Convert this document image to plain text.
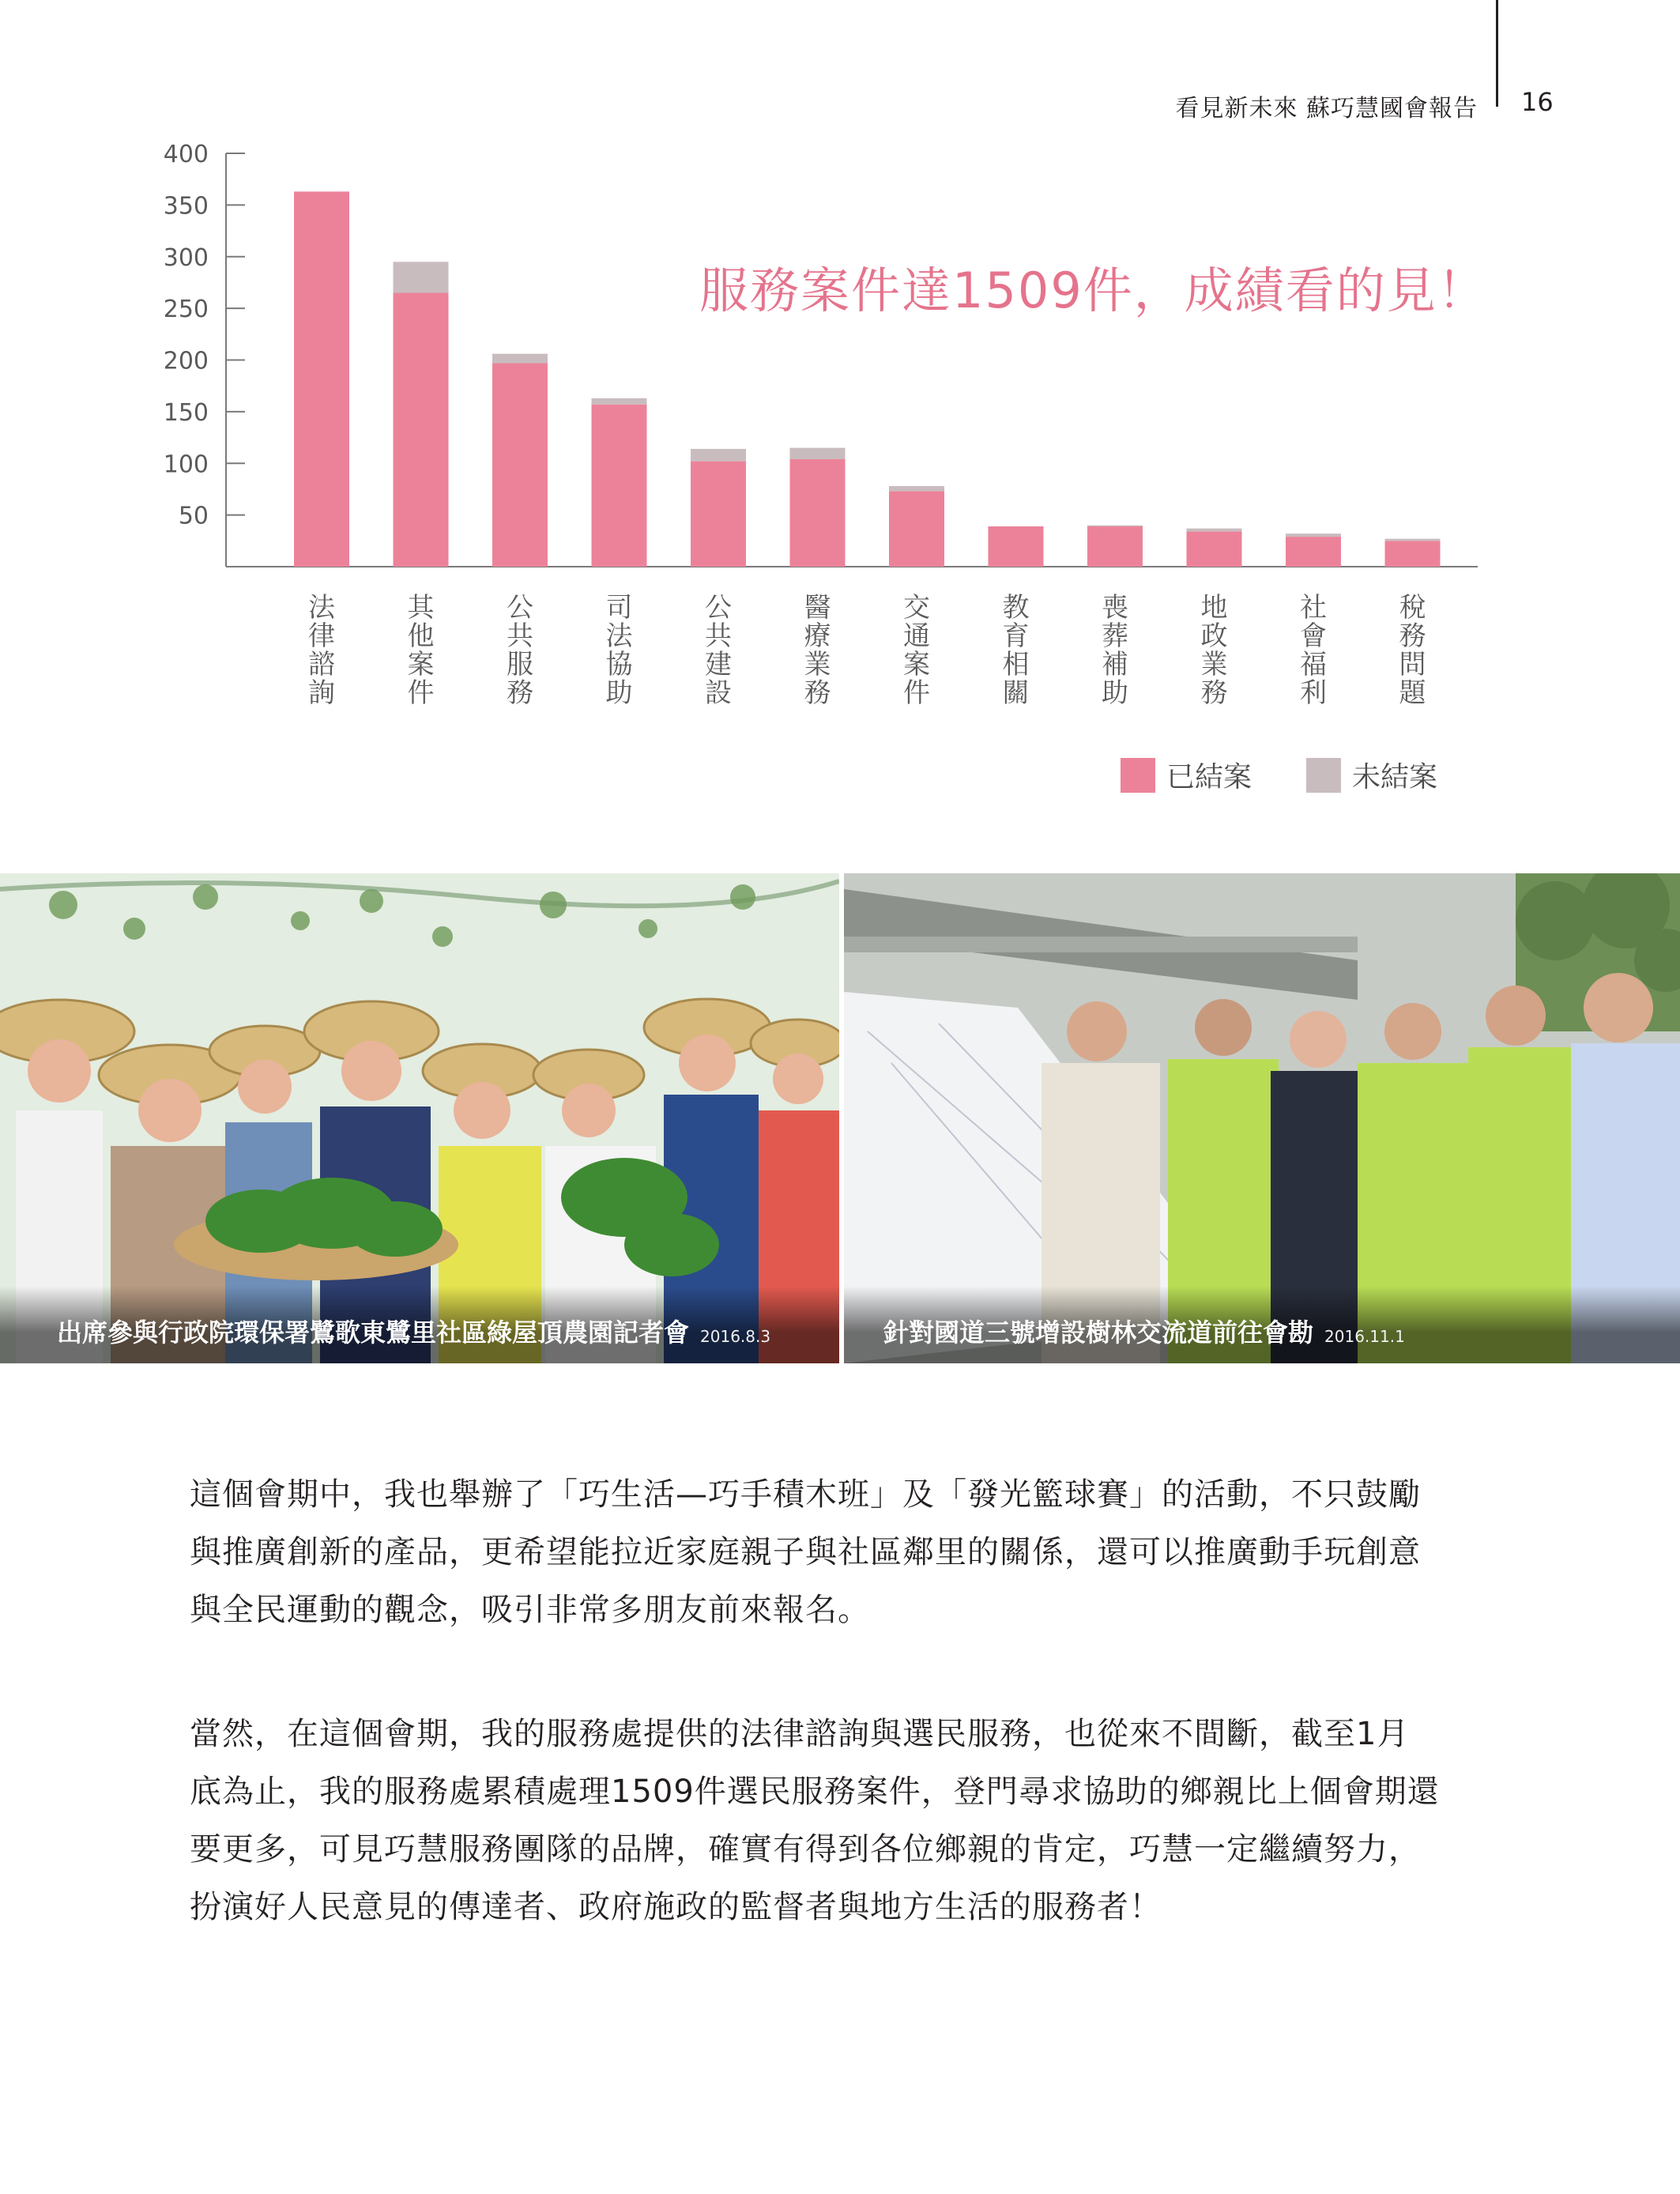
看見新未來 蘇巧慧國會報告 16
50
100
150
200
250
300
350
400
法
律
諮
詢
其
他
案
件
公
共
服
務
司
法
協
助
公
共
建
設
醫
療
業
務
交
通
案
件
教
育
相
關
喪
葬
補
助
地
政
業
務
社
會
福
利
稅
務
問
題
服務案件達1509件，成績看的見！
已結案	未結案
出席參與行政院環保署鷺歌東鷺里社區綠屋頂農園記者會 2016.8.3	針對國道三號增設樹林交流道前往會勘 2016.11.1
這個會期中，我也舉辦了「巧生活—巧手積木班」及「發光籃球賽」的活動，不只鼓勵
與推廣創新的產品，更希望能拉近家庭親子與社區鄰里的關係，還可以推廣動手玩創意
與全民運動的觀念，吸引非常多朋友前來報名。
當然，在這個會期，我的服務處提供的法律諮詢與選民服務，也從來不間斷，截至1月
底為止，我的服務處累積處理1509件選民服務案件，登門尋求協助的鄉親比上個會期還
要更多，可見巧慧服務團隊的品牌，確實有得到各位鄉親的肯定，巧慧一定繼續努力，
扮演好人民意見的傳達者、政府施政的監督者與地方生活的服務者！
